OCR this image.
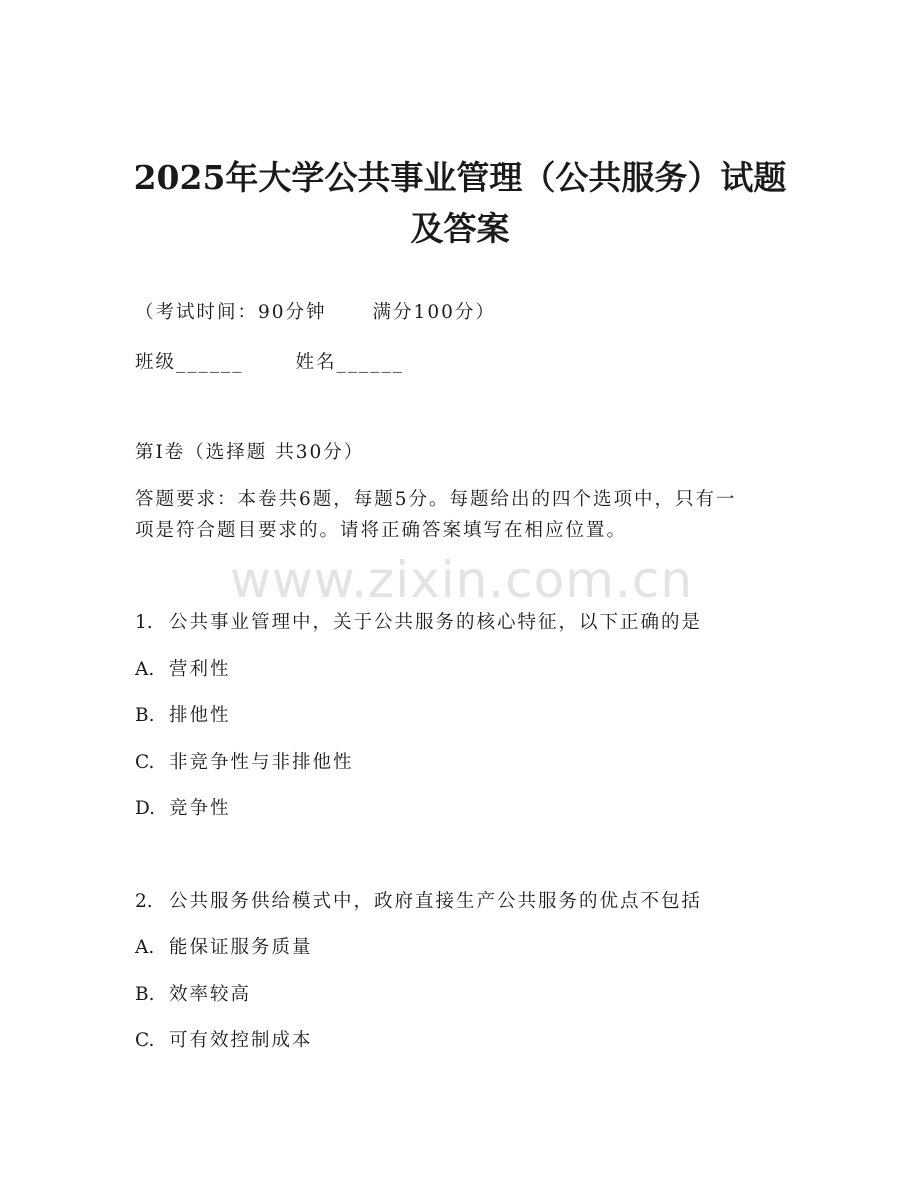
2025年大学公共事业管理（公共服务）试题
及答案
（考试时间：90分钟 满分100分）
班级______	姓名______
第I卷（选择题 共30分）
答题要求：本卷共6题，每题5分。每题给出的四个选项中，只有一
项是符合题目要求的。请将正确答案填写在相应位置。
www.zixin.com.cn
1. 公共事业管理中，关于公共服务的核心特征，以下正确的是
A. 营利性
B. 排他性
C. 非竞争性与非排他性
D. 竞争性
2. 公共服务供给模式中，政府直接生产公共服务的优点不包括
A. 能保证服务质量
B. 效率较高
C. 可有效控制成本
